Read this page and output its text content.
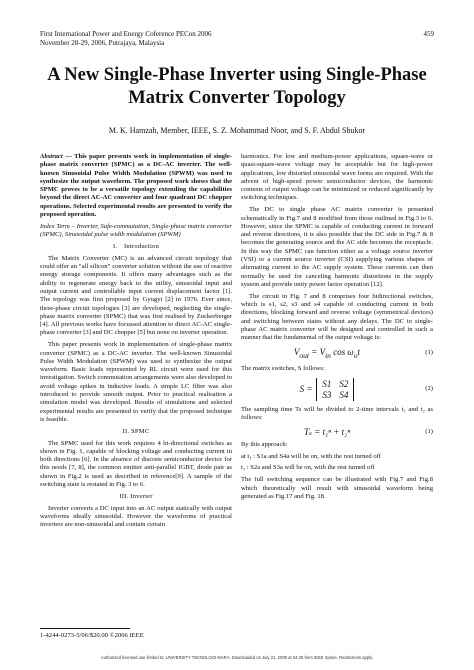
First International Power and Energy Coference PECon 2006
November 28-29, 2006, Putrajaya, Malaysia
459
A New Single-Phase Inverter using Single-Phase
Matrix Converter Topology
M. K. Hamzah, Member, IEEE, S. Z. Mohammad Noor, and S. F. Abdul Shukor

Abstract — This paper presents work in implementation of single-phase matrix converter (SPMC) as a DC-AC inverter. The well-known Sinusoidal Pulse Width Modulation (SPWM) was used to synthesize the output waveform. The proposed work shows that the SPMC proves to be a versatile topology extending the capabilities beyond the direct AC-AC converter and four quadrant DC chopper operations. Selected experimental results are presented to verify the proposed operation.

Index Term – Inverter, Safe-commutation, Single-phase matrix converter (SPMC), Sinusoidal pulse width modulation (SPWM)

I. Introduction

The Matrix Converter (MC) is an advanced circuit topology that could offer an “all silicon” converter solution without the use of reactive energy storage components. It offers many advantages such as the ability to regenerate energy back to the utility, sinusoidal input and output current and controllable input current displacement factor [1]. The topology was first proposed by Gyugyi [2] in 1976. Ever since, three-phase circuit topologies [3] are developed, neglecting the single-phase matrix converter (SPMC) that was first realised by Zuckerberger [4]. All previous works have focussed attention to direct AC-AC single-phase converter [3] and DC chopper [5] but none on inverter operation.

This paper presents work in implementation of single-phase matrix converter (SPMC) as a DC-AC inverter. The well-known Sinusoidal Pulse Width Modulation (SPWM) was used to synthesize the output waveform. Basic loads represented by RL circuit were used for this investigation. Switch commutation arrangements were also developed to avoid voltage spikes in inductive loads. A simple LC filter was also introduced to provide smooth output. Prior to practical realisation a simulation model was developed. Results of simulations and selected experimental results are presented to verify that the proposed technique is feasible.

II. SPMC

The SPMC used for this work requires 4 bi-directional switches as shown in Fig. 1, capable of blocking voltage and conducting current in both directions [6]. In the absence of discrete semiconductor device for this needs [7, 8], the common emitter anti-parallel IGBT, diode pair as shown in Fig.2 is used as described in reference[9]. A sample of the switching state is restated in Fig. 3 to 6.

III. Inverter

Inverter converts a DC input into an AC output statically with output waveforms ideally sinusoidal. However the waveforms of practical inverters are non-sinusoidal and contain certain

harmonics. For low and medium-power applications, square-wave or quasi-square-wave voltage may be acceptable but for high-power applications, low distorted sinusoidal wave forms are required. With the advent of high-speed power semiconductor devices, the harmonic contents of output voltage can be minimized or reduced significantly by switching techniques.

The DC to single phase AC matrix converter is presented schematically in Fig.7 and 8 modified from those outlined in Fig.3 to 6. However, since the SPMC is capable of conducting current in forward and reverse directions, it is also possible that the DC side in Fig.7 & 8 becomes the generating source and the AC side becomes the receptacle. In this way the SPMC can function either as a voltage source inverter (VSI) or a current source inverter (CSI) supplying various shapes of alternating current to the AC supply system. These currents can then normally be used for canceling harmonic distortions in the supply system and provide unity power factor operation [12].

The circuit in Fig. 7 and 8 comprises four bidirectional switches, which is s1, s2, s3 and s4 capable of conducting current in both directions, blocking forward and reverse voltage (symmetrical devices) and switching between states without any delays. The DC to single-phase AC matrix converter will be designed and controlled in such a manner that the fundamental of the output voltage is:

$V_{out} = V_{in}$ $\cos \omega_ot$	(1)

The matrix switches, S follows:

S =
S1 S2
S3 S4
(2)

The sampling time Ts will be divided to 2-time intervals t₁ and t₂ as follows:

Tₛ = t₁ⁿ + t₂ⁿ	(1)

By this approach:

at t₁ : S1a and S4a will be on, with the rest turned off

t₂ : S2a and S3a will be on, with the rest turned off

The full switching sequence can be illustrated with Fig.7 and Fig.8 which theoretically will result with sinusoidal waveform being generated as Fig.17 and Fig. 18.

1-4244-0273-5/06/$20.00 ©2006 IEEE
Authorized licensed use limited to: UNIVERSITY TEKNOLOGI MARA. Downloaded on July 21, 2009 at 04:46 from IEEE Xplore. Restrictions apply.
